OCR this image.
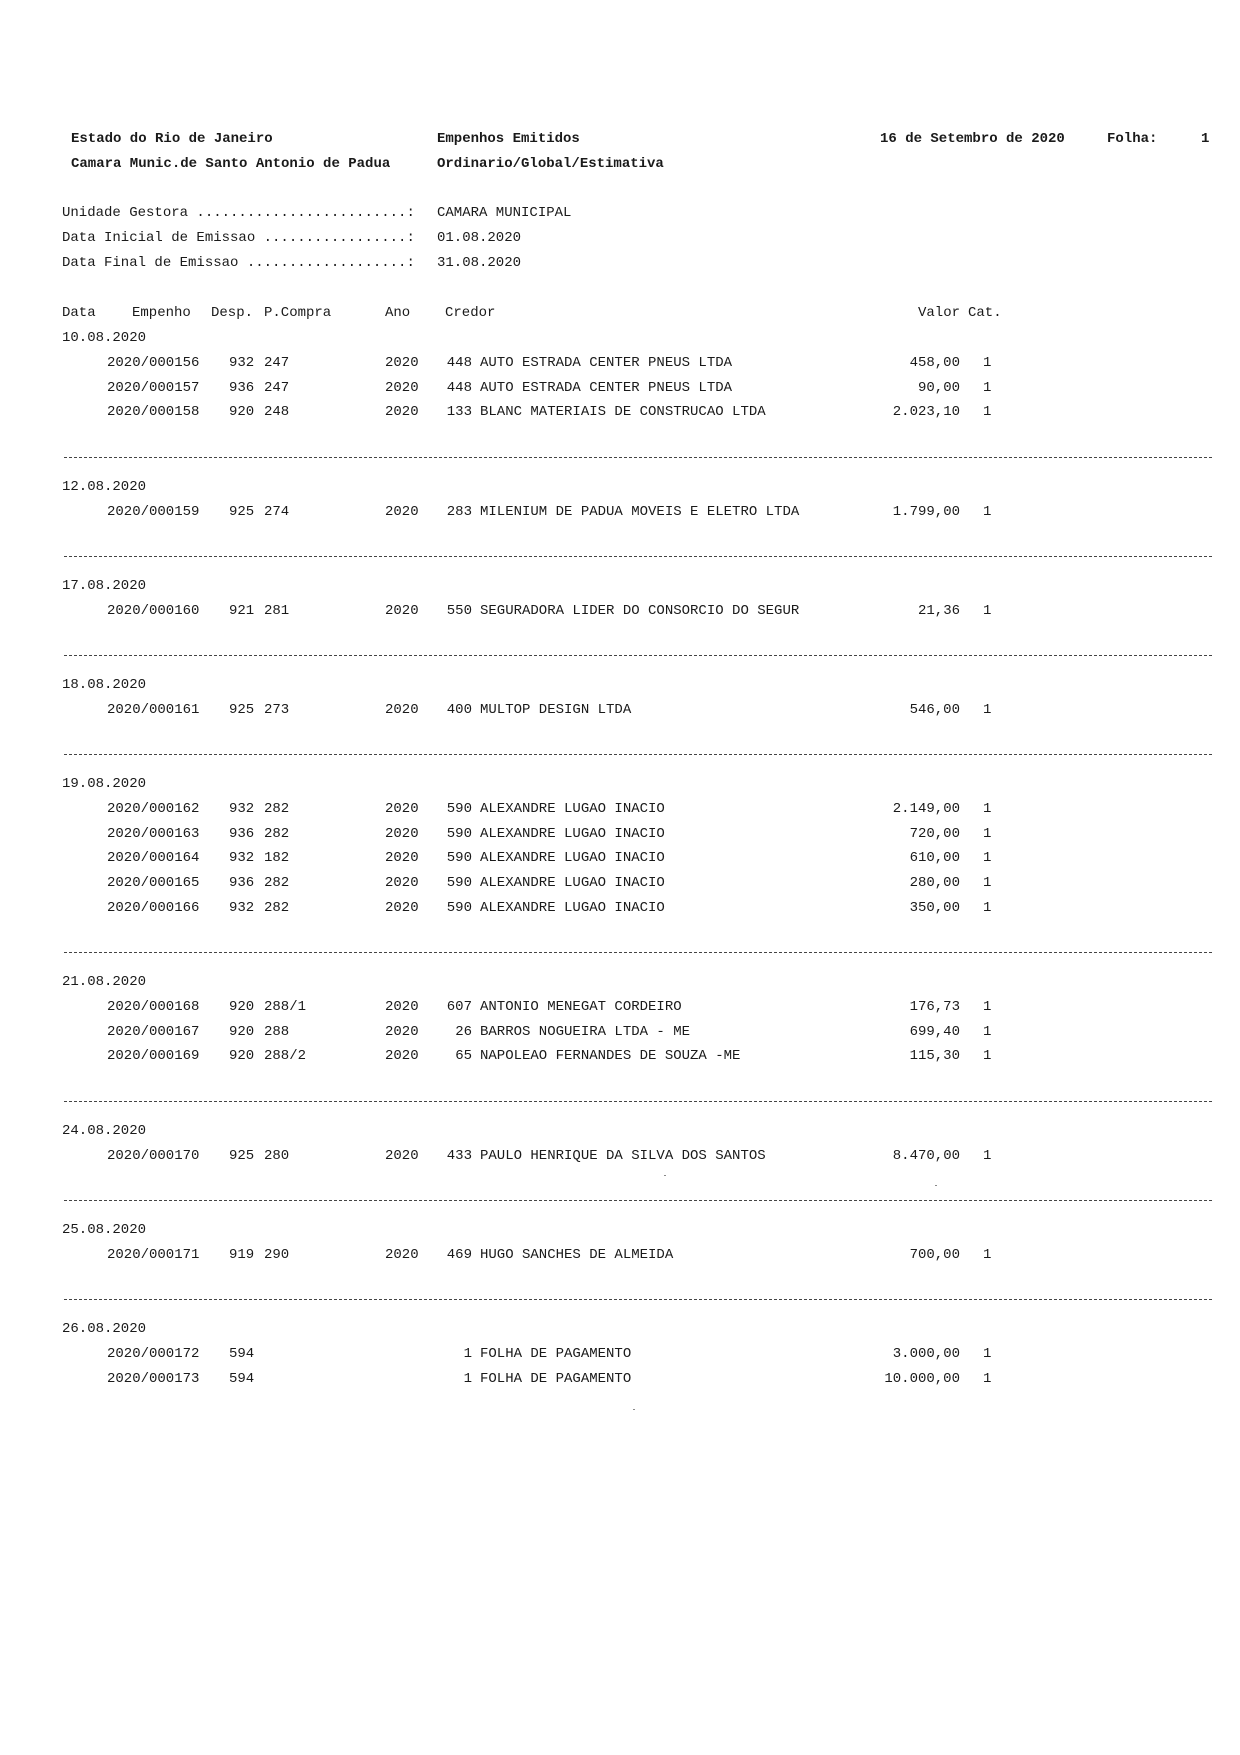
Estado do Rio de Janeiro
Camara Munic.de Santo Antonio de Padua
Empenhos Emitidos
Ordinario/Global/Estimativa
16 de Setembro de 2020	Folha:	1
Unidade Gestora .........................: CAMARA MUNICIPAL
Data Inicial de Emissao .................: 01.08.2020
Data Final de Emissao ...................: 31.08.2020
Data	Empenho Desp. P.Compra	Ano Credor	Valor Cat.
10.08.2020
2020/000156 932 247	2020	448 AUTO ESTRADA CENTER PNEUS LTDA	458,00 1
2020/000157 936 247	2020	448 AUTO ESTRADA CENTER PNEUS LTDA	90,00 1
2020/000158 920 248	2020	133 BLANC MATERIAIS DE CONSTRUCAO LTDA	2.023,10 1
12.08.2020
2020/000159 925 274	2020	283 MILENIUM DE PADUA MOVEIS E ELETRO LTDA	1.799,00 1
17.08.2020
2020/000160 921 281	2020	550 SEGURADORA LIDER DO CONSORCIO DO SEGUR	21,36 1
18.08.2020
2020/000161 925 273	2020	400 MULTOP DESIGN LTDA	546,00 1
19.08.2020
2020/000162 932 282	2020	590 ALEXANDRE LUGAO INACIO	2.149,00 1
2020/000163 936 282	2020	590 ALEXANDRE LUGAO INACIO	720,00 1
2020/000164 932 182	2020	590 ALEXANDRE LUGAO INACIO	610,00 1
2020/000165 936 282	2020	590 ALEXANDRE LUGAO INACIO	280,00 1
2020/000166 932 282	2020	590 ALEXANDRE LUGAO INACIO	350,00 1
21.08.2020
2020/000168 920 288/1	2020	607 ANTONIO MENEGAT CORDEIRO	176,73 1
2020/000167 920 288	2020	26 BARROS NOGUEIRA LTDA - ME	699,40 1
2020/000169 920 288/2	2020	65 NAPOLEAO FERNANDES DE SOUZA -ME	115,30 1
24.08.2020
2020/000170 925 280	2020	433 PAULO HENRIQUE DA SILVA DOS SANTOS	8.470,00 1
25.08.2020
2020/000171 919 290	2020	469 HUGO SANCHES DE ALMEIDA	700,00 1
26.08.2020
2020/000172 594	1 FOLHA DE PAGAMENTO	3.000,00 1
2020/000173 594	1 FOLHA DE PAGAMENTO	10.000,00 1
